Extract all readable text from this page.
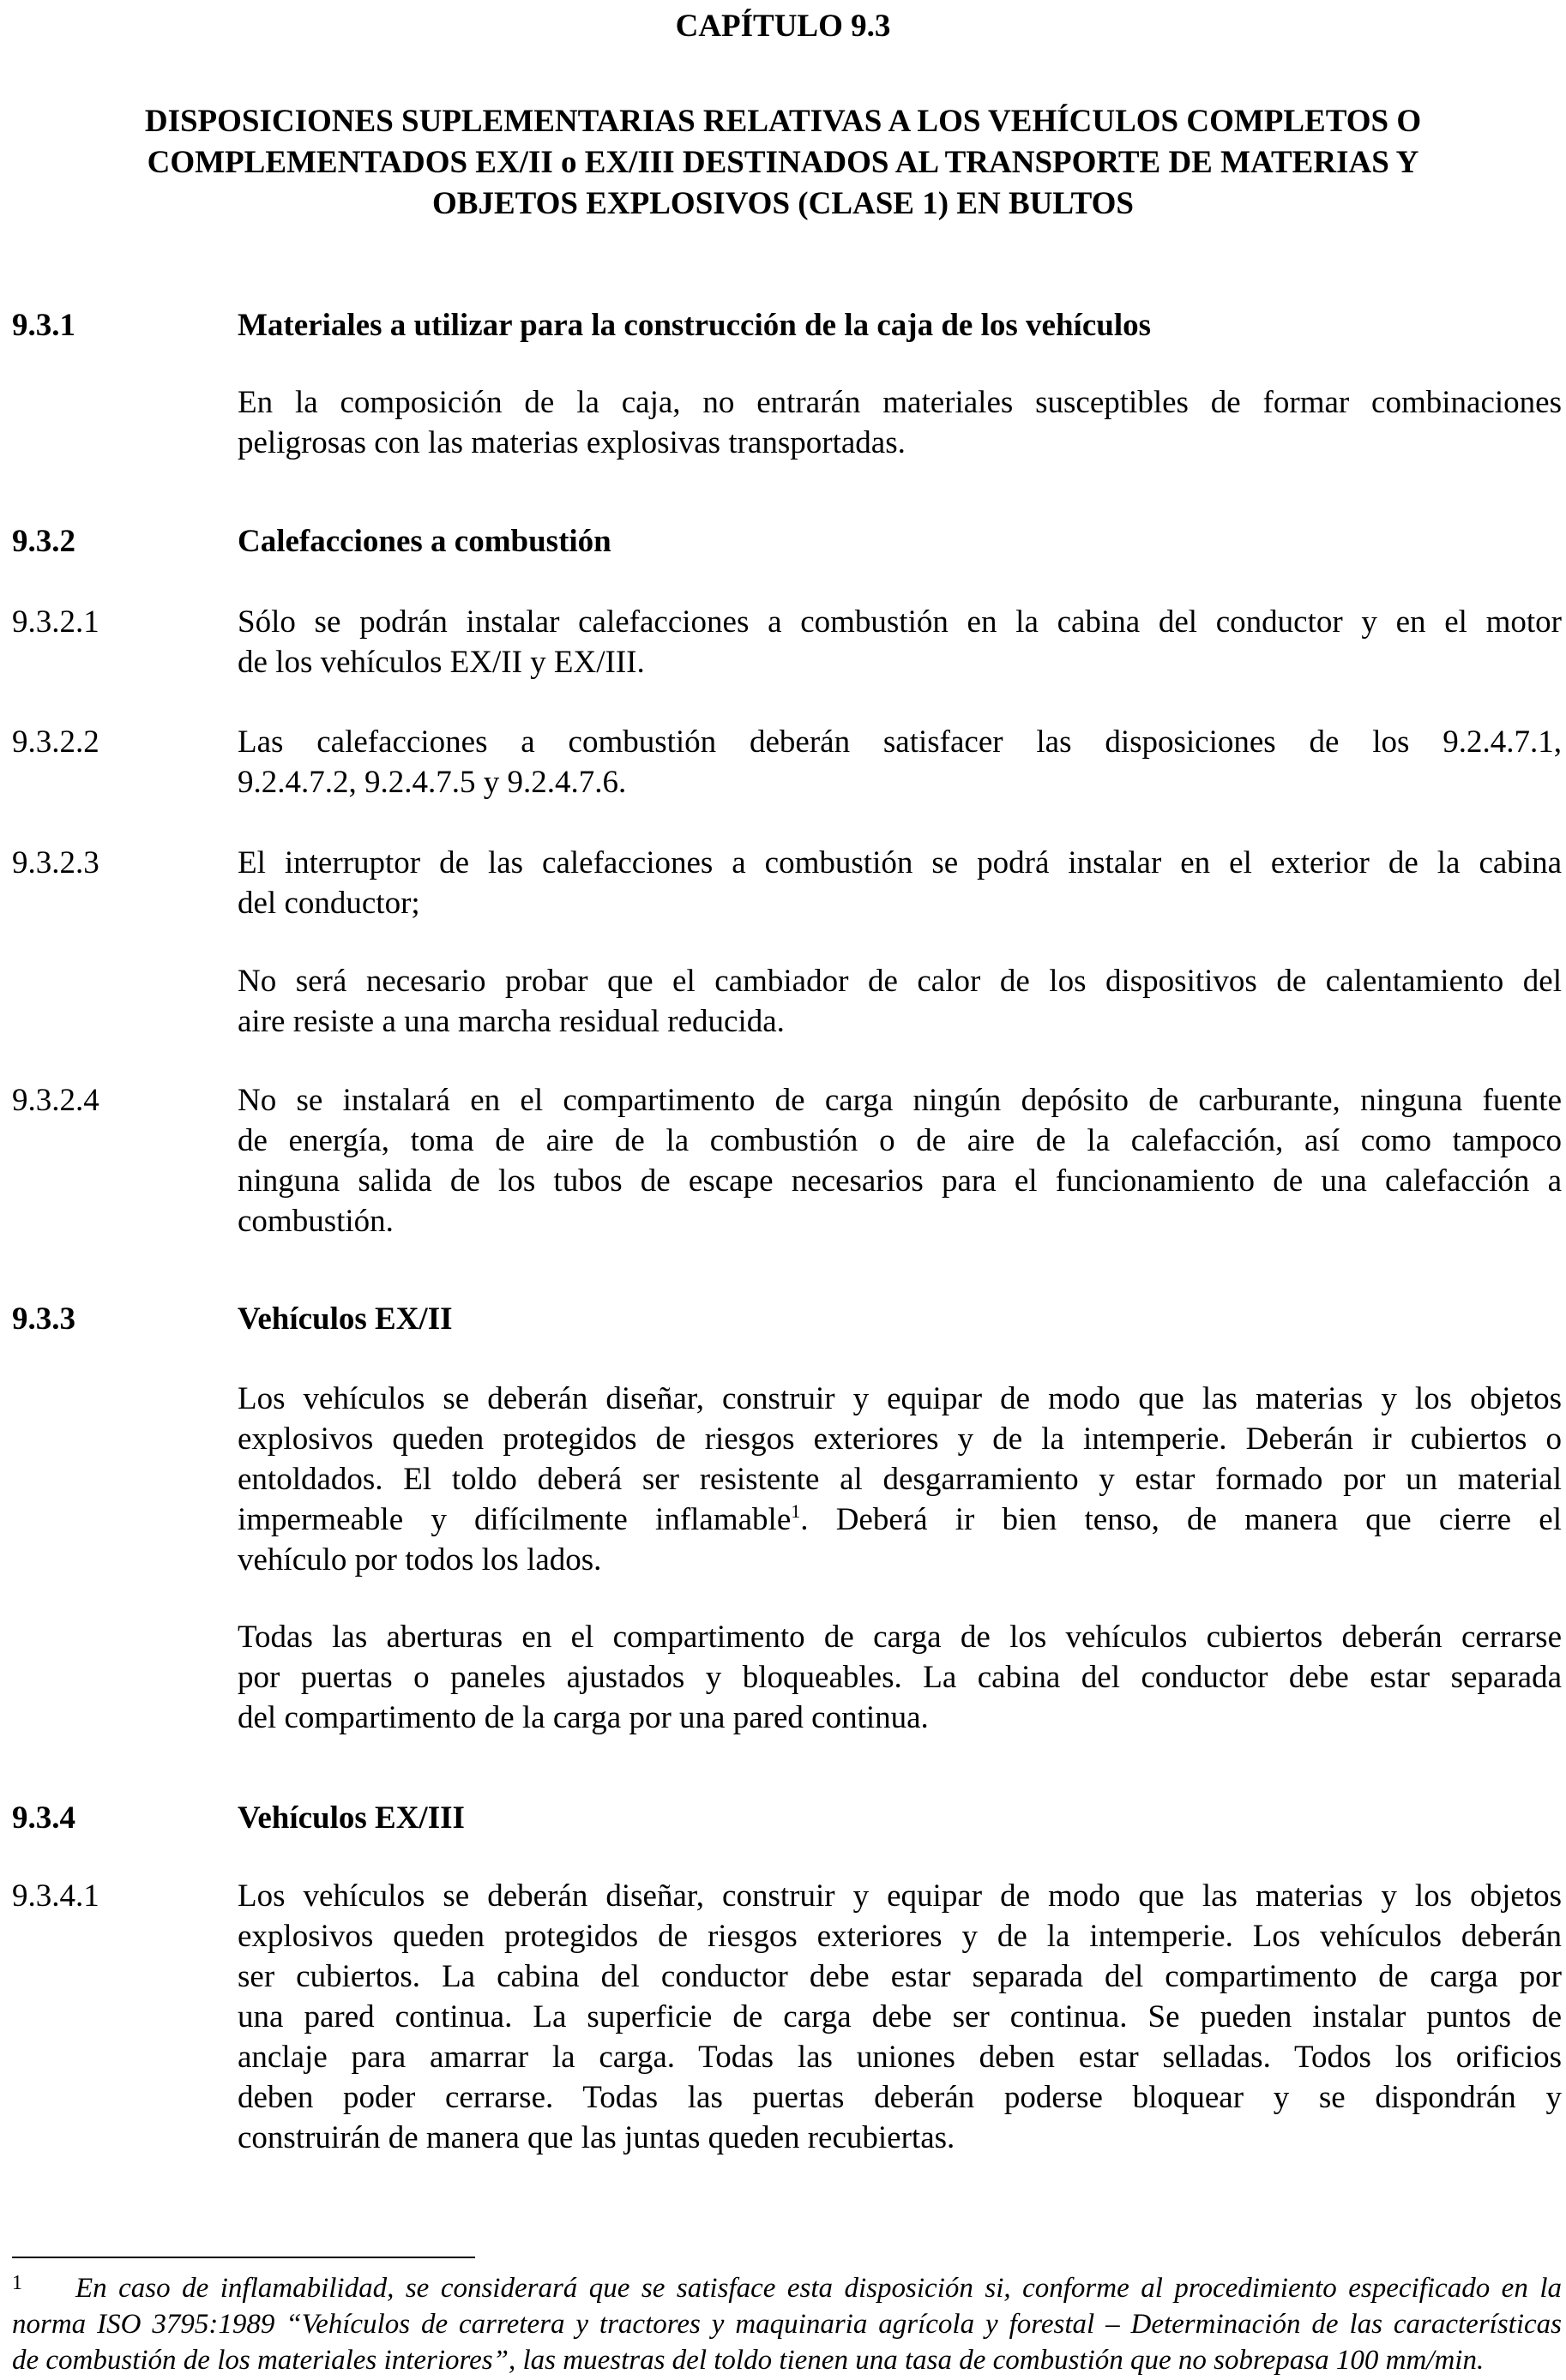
CAPÍTULO 9.3
DISPOSICIONES SUPLEMENTARIAS RELATIVAS A LOS VEHÍCULOS COMPLETOS O
COMPLEMENTADOS EX/II o EX/III DESTINADOS AL TRANSPORTE DE MATERIAS Y
OBJETOS EXPLOSIVOS (CLASE 1) EN BULTOS
9.3.1	Materiales a utilizar para la construcción de la caja de los vehículos
En la composición de la caja, no entrarán materiales susceptibles de formar combinaciones
peligrosas con las materias explosivas transportadas.
9.3.2	Calefacciones a combustión
9.3.2.1	Sólo se podrán instalar calefacciones a combustión en la cabina del conductor y en el motor
de los vehículos EX/II y EX/III.
9.3.2.2	Las calefacciones a combustión deberán satisfacer las disposiciones de los 9.2.4.7.1,
9.2.4.7.2, 9.2.4.7.5 y 9.2.4.7.6.
9.3.2.3	El interruptor de las calefacciones a combustión se podrá instalar en el exterior de la cabina
del conductor;
No será necesario probar que el cambiador de calor de los dispositivos de calentamiento del
aire resiste a una marcha residual reducida.
9.3.2.4	No se instalará en el compartimento de carga ningún depósito de carburante, ninguna fuente
de energía, toma de aire de la combustión o de aire de la calefacción, así como tampoco
ninguna salida de los tubos de escape necesarios para el funcionamiento de una calefacción a
combustión.
9.3.3	Vehículos EX/II
Los vehículos se deberán diseñar, construir y equipar de modo que las materias y los objetos
explosivos queden protegidos de riesgos exteriores y de la intemperie. Deberán ir cubiertos o
entoldados. El toldo deberá ser resistente al desgarramiento y estar formado por un material
impermeable y difícilmente inflamable$^1$. Deberá ir bien tenso, de manera que cierre el
vehículo por todos los lados.
Todas las aberturas en el compartimento de carga de los vehículos cubiertos deberán cerrarse
por puertas o paneles ajustados y bloqueables. La cabina del conductor debe estar separada
del compartimento de la carga por una pared continua.
9.3.4	Vehículos EX/III
9.3.4.1	Los vehículos se deberán diseñar, construir y equipar de modo que las materias y los objetos
explosivos queden protegidos de riesgos exteriores y de la intemperie. Los vehículos deberán
ser cubiertos. La cabina del conductor debe estar separada del compartimento de carga por
una pared continua. La superficie de carga debe ser continua. Se pueden instalar puntos de
anclaje para amarrar la carga. Todas las uniones deben estar selladas. Todos los orificios
deben poder cerrarse. Todas las puertas deberán poderse bloquear y se dispondrán y
construirán de manera que las juntas queden recubiertas.
1	En caso de inflamabilidad, se considerará que se satisface esta disposición si, conforme al procedimiento especificado en la
norma ISO 3795:1989 “Vehículos de carretera y tractores y maquinaria agrícola y forestal – Determinación de las características
de combustión de los materiales interiores”, las muestras del toldo tienen una tasa de combustión que no sobrepasa 100 mm/min.
